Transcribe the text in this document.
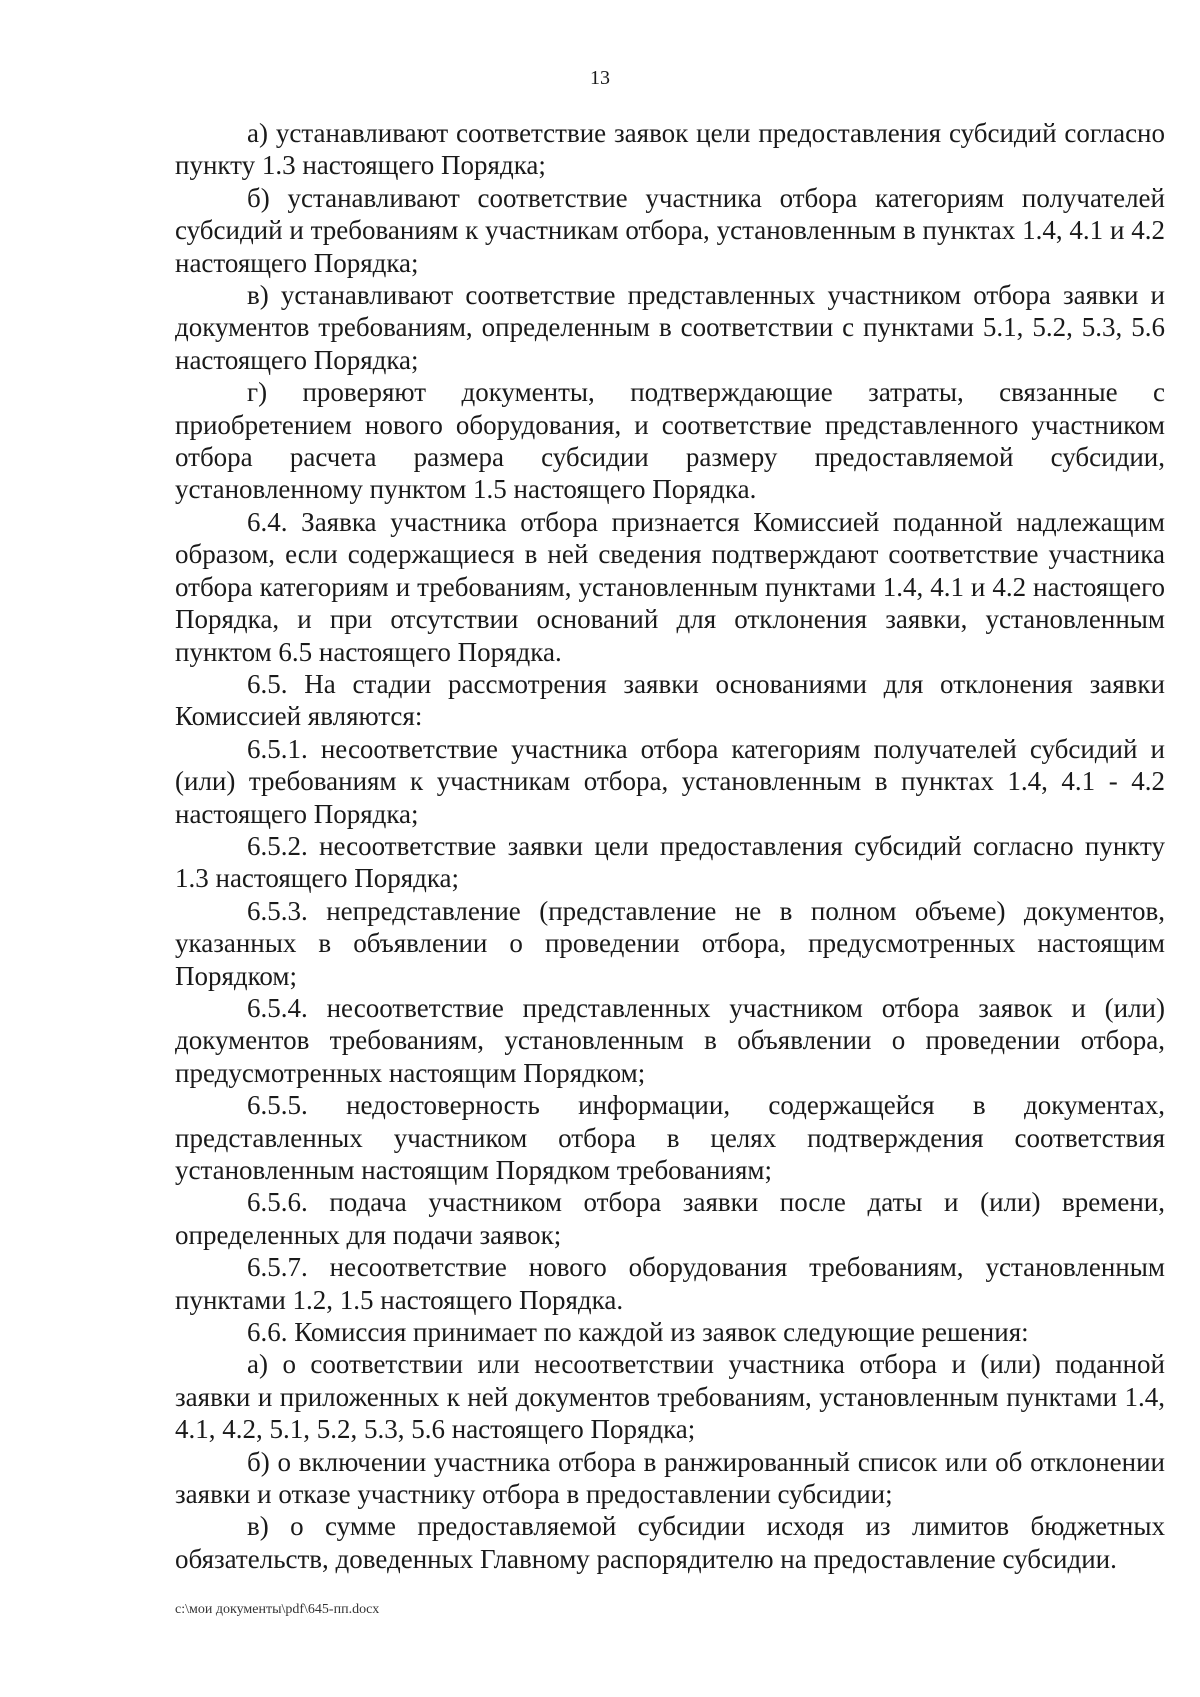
13

а) устанавливают соответствие заявок цели предоставления субсидий согласно пункту 1.3 настоящего Порядка;

б) устанавливают соответствие участника отбора категориям получателей субсидий и требованиям к участникам отбора, установленным в пунктах 1.4, 4.1 и 4.2 настоящего Порядка;

в) устанавливают соответствие представленных участником отбора заявки и документов требованиям, определенным в соответствии с пунктами 5.1, 5.2, 5.3, 5.6 настоящего Порядка;

г) проверяют документы, подтверждающие затраты, связанные с приобретением нового оборудования, и соответствие представленного участником отбора расчета размера субсидии размеру предоставляемой субсидии, установленному пунктом 1.5 настоящего Порядка.

6.4. Заявка участника отбора признается Комиссией поданной надлежащим образом, если содержащиеся в ней сведения подтверждают соответствие участника отбора категориям и требованиям, установленным пунктами 1.4, 4.1 и 4.2 настоящего Порядка, и при отсутствии оснований для отклонения заявки, установленным пунктом 6.5 настоящего Порядка.

6.5. На стадии рассмотрения заявки основаниями для отклонения заявки Комиссией являются:

6.5.1. несоответствие участника отбора категориям получателей субсидий и (или) требованиям к участникам отбора, установленным в пунктах 1.4, 4.1 - 4.2 настоящего Порядка;

6.5.2. несоответствие заявки цели предоставления субсидий согласно пункту 1.3 настоящего Порядка;

6.5.3. непредставление (представление не в полном объеме) документов, указанных в объявлении о проведении отбора, предусмотренных настоящим Порядком;

6.5.4. несоответствие представленных участником отбора заявок и (или) документов требованиям, установленным в объявлении о проведении отбора, предусмотренных настоящим Порядком;

6.5.5. недостоверность информации, содержащейся в документах, представленных участником отбора в целях подтверждения соответствия установленным настоящим Порядком требованиям;

6.5.6. подача участником отбора заявки после даты и (или) времени, определенных для подачи заявок;

6.5.7. несоответствие нового оборудования требованиям, установленным пунктами 1.2, 1.5 настоящего Порядка.

6.6. Комиссия принимает по каждой из заявок следующие решения:

а) о соответствии или несоответствии участника отбора и (или) поданной заявки и приложенных к ней документов требованиям, установленным пунктами 1.4, 4.1, 4.2, 5.1, 5.2, 5.3, 5.6 настоящего Порядка;

б) о включении участника отбора в ранжированный список или об отклонении заявки и отказе участнику отбора в предоставлении субсидии;

в) о сумме предоставляемой субсидии исходя из лимитов бюджетных обязательств, доведенных Главному распорядителю на предоставление субсидии.

c:\мои документы\pdf\645-пп.docx
